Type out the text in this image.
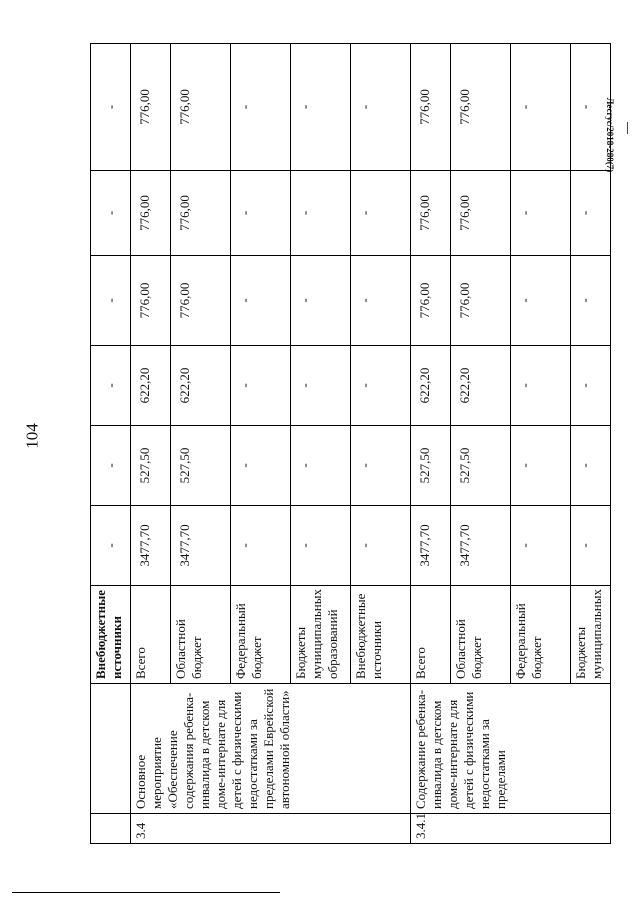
104
Лесгус/2018-280(7)
		Внебюджетные источники	-	-	-	-	-	-
3.4	Основное мероприятие «Обеспечение содержания ребенка-инвалида в детском доме-интернате для детей с физическими недостатками за пределами Еврейской автономной области»	Всего	3477,70	527,50	622,20	776,00	776,00	776,00
		Областной бюджет	3477,70	527,50	622,20	776,00	776,00	776,00
		Федеральный бюджет	-	-	-	-	-	-
		Бюджеты муниципальных образований	-	-	-	-	-	-
		Внебюджетные источники	-	-	-	-	-	-
3.4.1	Содержание ребенка-инвалида в детском доме-интернате для детей с физическими недостатками за пределами	Всего	3477,70	527,50	622,20	776,00	776,00	776,00
		Областной бюджет	3477,70	527,50	622,20	776,00	776,00	776,00
		Федеральный бюджет	-	-	-	-	-	-
		Бюджеты муниципальных	-	-	-	-	-	-
